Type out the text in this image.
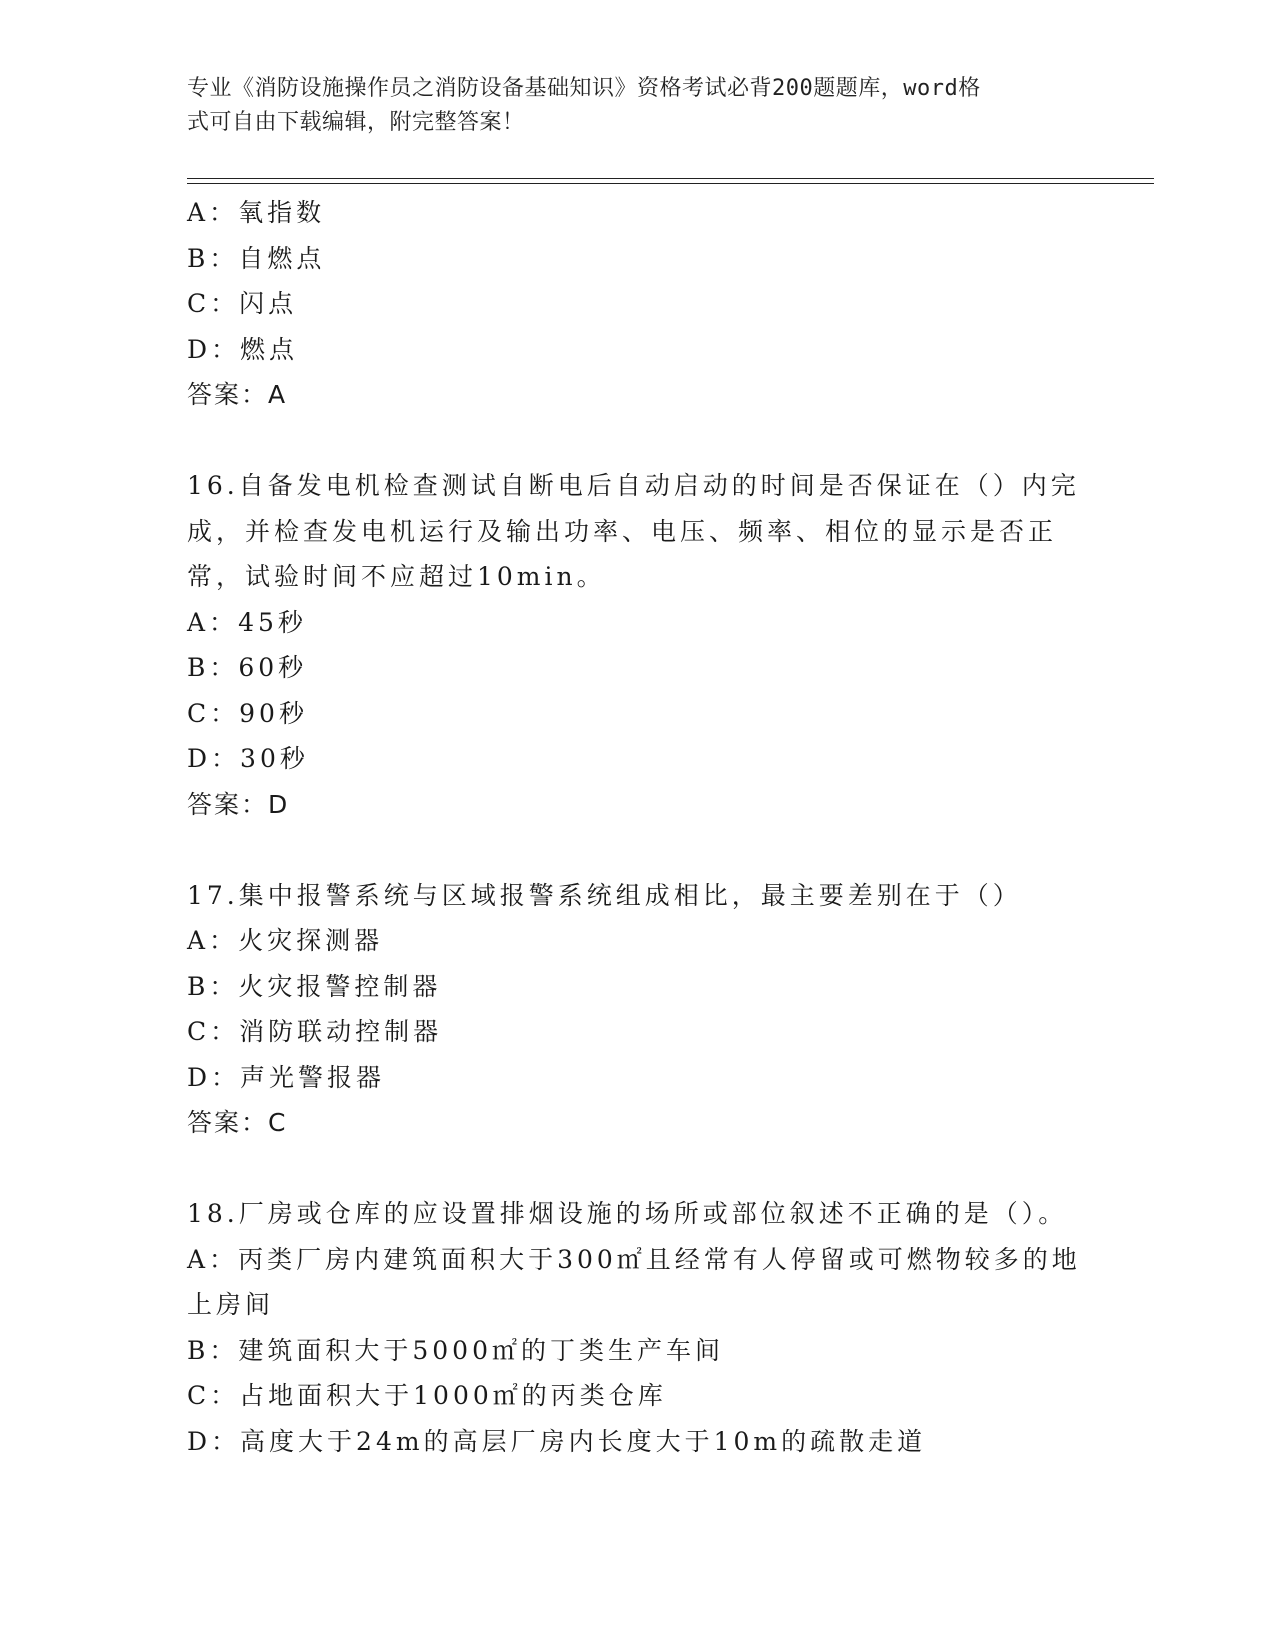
专业《消防设施操作员之消防设备基础知识》资格考试必背200题题库，word格
式可自由下载编辑，附完整答案！
A：氧指数
B：自燃点
C：闪点
D：燃点
答案：A
16.自备发电机检查测试自断电后自动启动的时间是否保证在（）内完
成，并检查发电机运行及输出功率、电压、频率、相位的显示是否正
常，试验时间不应超过10min。
A：45秒
B：60秒
C：90秒
D：30秒
答案：D
17.集中报警系统与区域报警系统组成相比，最主要差别在于（）
A：火灾探测器
B：火灾报警控制器
C：消防联动控制器
D：声光警报器
答案：C
18.厂房或仓库的应设置排烟设施的场所或部位叙述不正确的是（）。
A：丙类厂房内建筑面积大于300㎡且经常有人停留或可燃物较多的地
上房间
B：建筑面积大于5000㎡的丁类生产车间
C：占地面积大于1000㎡的丙类仓库
D：高度大于24m的高层厂房内长度大于10m的疏散走道
